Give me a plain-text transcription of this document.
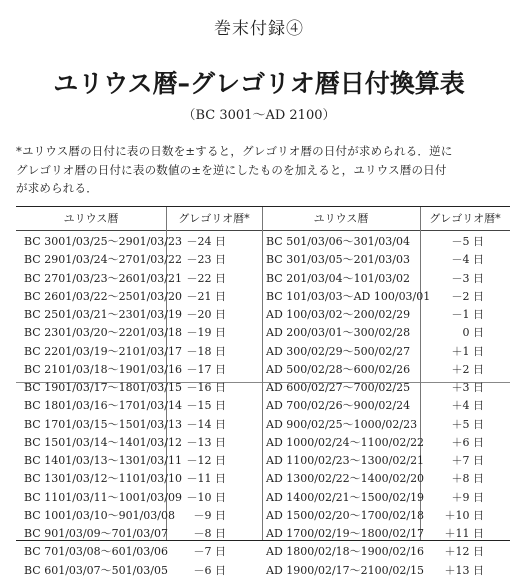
巻末付録④
ユリウス暦–グレゴリオ暦日付換算表
（BC 3001〜AD 2100）
*ユリウス暦の日付に表の日数を±すると，グレゴリオ暦の日付が求められる．逆に
グレゴリオ暦の日付に表の数値の±を逆にしたものを加えると，ユリウス暦の日付
が求められる．
ユリウス暦	グレゴリオ暦*	ユリウス暦	グレゴリオ暦*
BC 3001/03/25〜2901/03/23 －24 日	BC 501/03/06〜301/03/04	－5 日
BC 2901/03/24〜2701/03/22 －23 日	BC 301/03/05〜201/03/03	－4 日
BC 2701/03/23〜2601/03/21 －22 日	BC 201/03/04〜101/03/02	－3 日
BC 2601/03/22〜2501/03/20 －21 日	BC 101/03/03〜AD 100/03/01	－2 日
BC 2501/03/21〜2301/03/19 －20 日	AD 100/03/02〜200/02/29	－1 日
BC 2301/03/20〜2201/03/18 －19 日	AD 200/03/01〜300/02/28	0 日
BC 2201/03/19〜2101/03/17 －18 日	AD 300/02/29〜500/02/27	＋1 日
BC 2101/03/18〜1901/03/16 －17 日	AD 500/02/28〜600/02/26	＋2 日
BC 1901/03/17〜1801/03/15 －16 日	AD 600/02/27〜700/02/25	＋3 日
BC 1801/03/16〜1701/03/14 －15 日	AD 700/02/26〜900/02/24	＋4 日
BC 1701/03/15〜1501/03/13 －14 日	AD 900/02/25〜1000/02/23	＋5 日
BC 1501/03/14〜1401/03/12 －13 日	AD 1000/02/24〜1100/02/22	＋6 日
BC 1401/03/13〜1301/03/11 －12 日	AD 1100/02/23〜1300/02/21	＋7 日
BC 1301/03/12〜1101/03/10 －11 日	AD 1300/02/22〜1400/02/20	＋8 日
BC 1101/03/11〜1001/03/09 －10 日	AD 1400/02/21〜1500/02/19	＋9 日
BC 1001/03/10〜901/03/08	－9 日	AD 1500/02/20〜1700/02/18	＋10 日
BC 901/03/09〜701/03/07	－8 日	AD 1700/02/19〜1800/02/17	＋11 日
BC 701/03/08〜601/03/06	－7 日	AD 1800/02/18〜1900/02/16	＋12 日
BC 601/03/07〜501/03/05	－6 日	AD 1900/02/17〜2100/02/15	＋13 日
